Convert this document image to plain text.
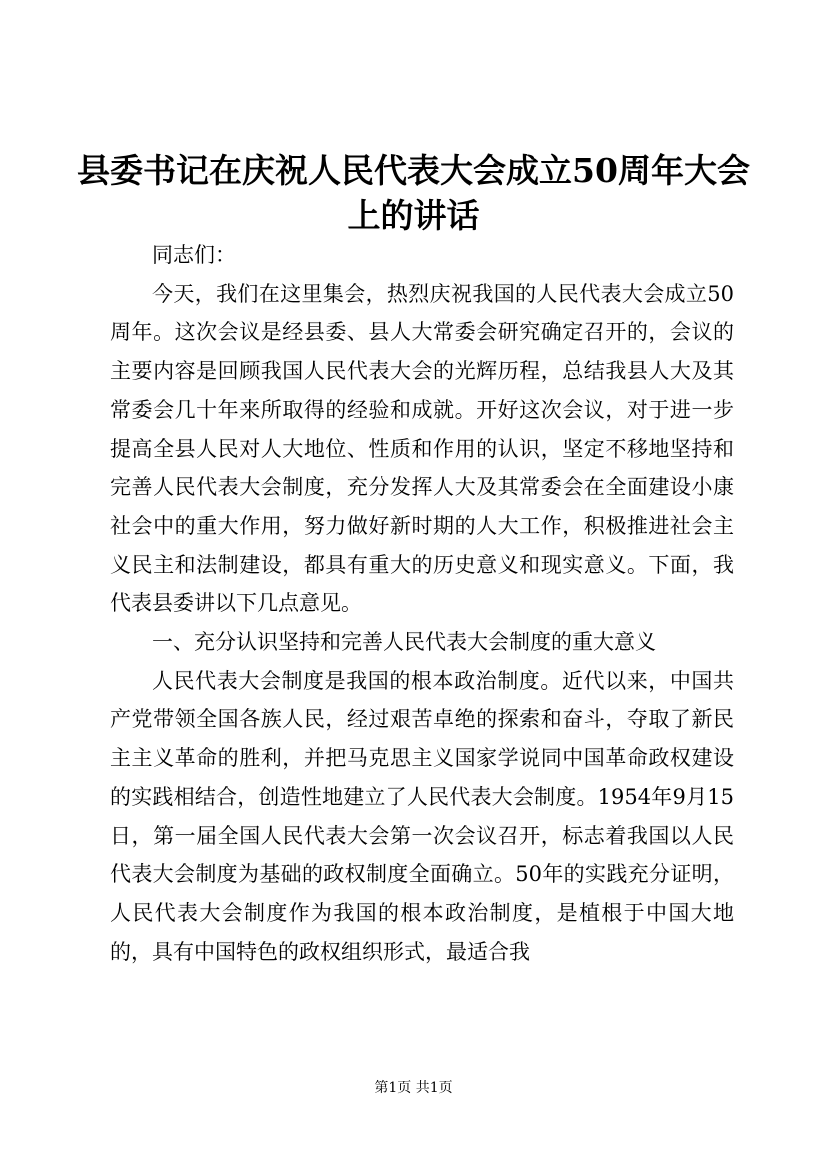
县委书记在庆祝人民代表大会成立50周年大会上的讲话

同志们：

今天，我们在这里集会，热烈庆祝我国的人民代表大会成立50周年。这次会议是经县委、县人大常委会研究确定召开的，会议的主要内容是回顾我国人民代表大会的光辉历程，总结我县人大及其常委会几十年来所取得的经验和成就。开好这次会议，对于进一步提高全县人民对人大地位、性质和作用的认识，坚定不移地坚持和完善人民代表大会制度，充分发挥人大及其常委会在全面建设小康社会中的重大作用，努力做好新时期的人大工作，积极推进社会主义民主和法制建设，都具有重大的历史意义和现实意义。下面，我代表县委讲以下几点意见。

一、充分认识坚持和完善人民代表大会制度的重大意义

人民代表大会制度是我国的根本政治制度。近代以来，中国共产党带领全国各族人民，经过艰苦卓绝的探索和奋斗，夺取了新民主主义革命的胜利，并把马克思主义国家学说同中国革命政权建设的实践相结合，创造性地建立了人民代表大会制度。1954年9月15日，第一届全国人民代表大会第一次会议召开，标志着我国以人民代表大会制度为基础的政权制度全面确立。50年的实践充分证明，人民代表大会制度作为我国的根本政治制度，是植根于中国大地的，具有中国特色的政权组织形式，最适合我

第1页 共1页
